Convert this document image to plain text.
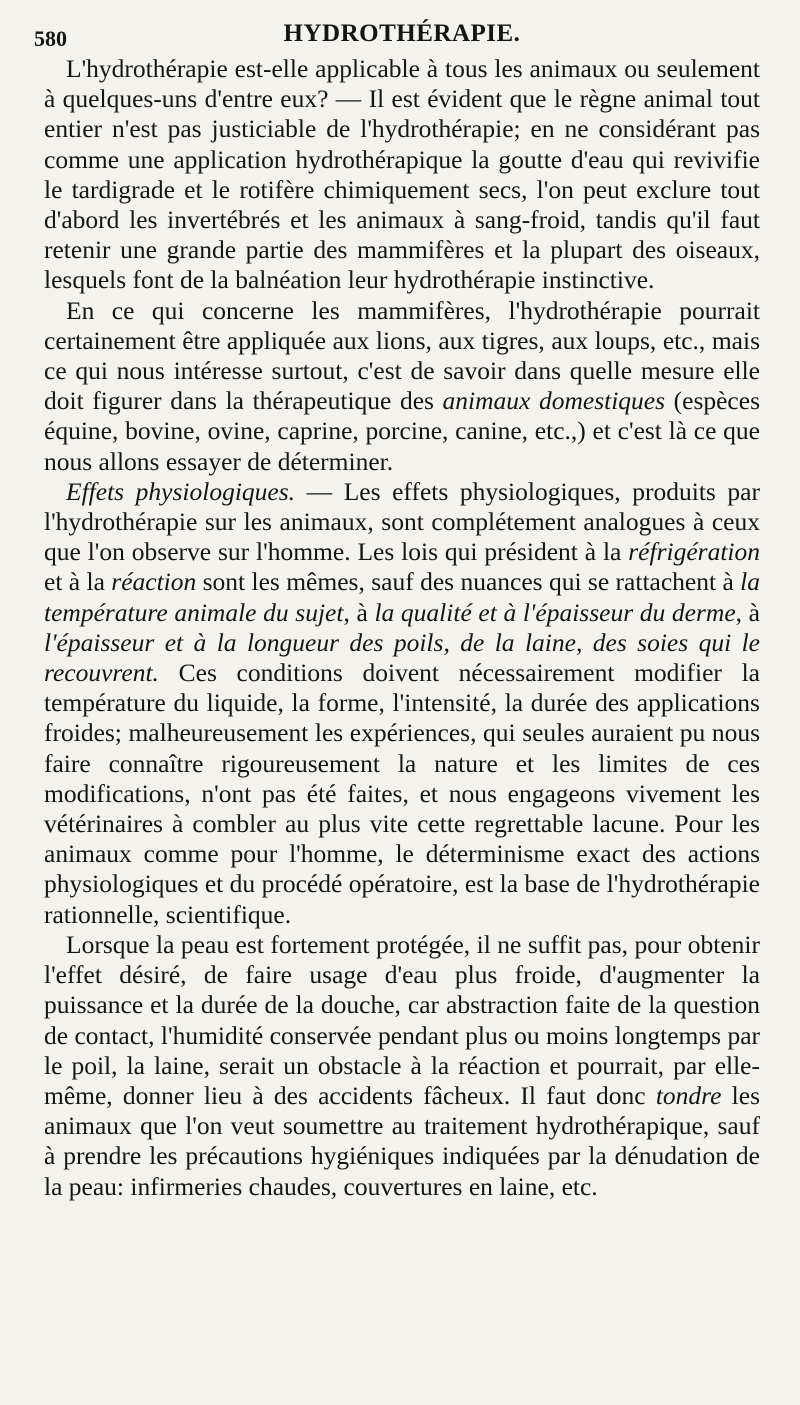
580	HYDROTHÉRAPIE.

L'hydrothérapie est-elle applicable à tous les animaux ou seulement à quelques-uns d'entre eux? — Il est évident que le règne animal tout entier n'est pas justiciable de l'hydrothérapie; en ne considérant pas comme une application hydrothérapique la goutte d'eau qui revivifie le tardigrade et le rotifère chimiquement secs, l'on peut exclure tout d'abord les invertébrés et les animaux à sang-froid, tandis qu'il faut retenir une grande partie des mammifères et la plupart des oiseaux, lesquels font de la balnéation leur hydrothérapie instinctive.

En ce qui concerne les mammifères, l'hydrothérapie pourrait certainement être appliquée aux lions, aux tigres, aux loups, etc., mais ce qui nous intéresse surtout, c'est de savoir dans quelle mesure elle doit figurer dans la thérapeutique des animaux domestiques (espèces équine, bovine, ovine, caprine, porcine, canine, etc.,) et c'est là ce que nous allons essayer de déterminer.

Effets physiologiques. — Les effets physiologiques, produits par l'hydrothérapie sur les animaux, sont complétement analogues à ceux que l'on observe sur l'homme. Les lois qui président à la réfrigération et à la réaction sont les mêmes, sauf des nuances qui se rattachent à la température animale du sujet, à la qualité et à l'épaisseur du derme, à l'épaisseur et à la longueur des poils, de la laine, des soies qui le recouvrent. Ces conditions doivent nécessairement modifier la température du liquide, la forme, l'intensité, la durée des applications froides; malheureusement les expériences, qui seules auraient pu nous faire connaître rigoureusement la nature et les limites de ces modifications, n'ont pas été faites, et nous engageons vivement les vétérinaires à combler au plus vite cette regrettable lacune. Pour les animaux comme pour l'homme, le déterminisme exact des actions physiologiques et du procédé opératoire, est la base de l'hydrothérapie rationnelle, scientifique.

Lorsque la peau est fortement protégée, il ne suffit pas, pour obtenir l'effet désiré, de faire usage d'eau plus froide, d'augmenter la puissance et la durée de la douche, car abstraction faite de la question de contact, l'humidité conservée pendant plus ou moins longtemps par le poil, la laine, serait un obstacle à la réaction et pourrait, par elle-même, donner lieu à des accidents fâcheux. Il faut donc tondre les animaux que l'on veut soumettre au traitement hydrothérapique, sauf à prendre les précautions hygiéniques indiquées par la dénudation de la peau: infirmeries chaudes, couvertures en laine, etc.
